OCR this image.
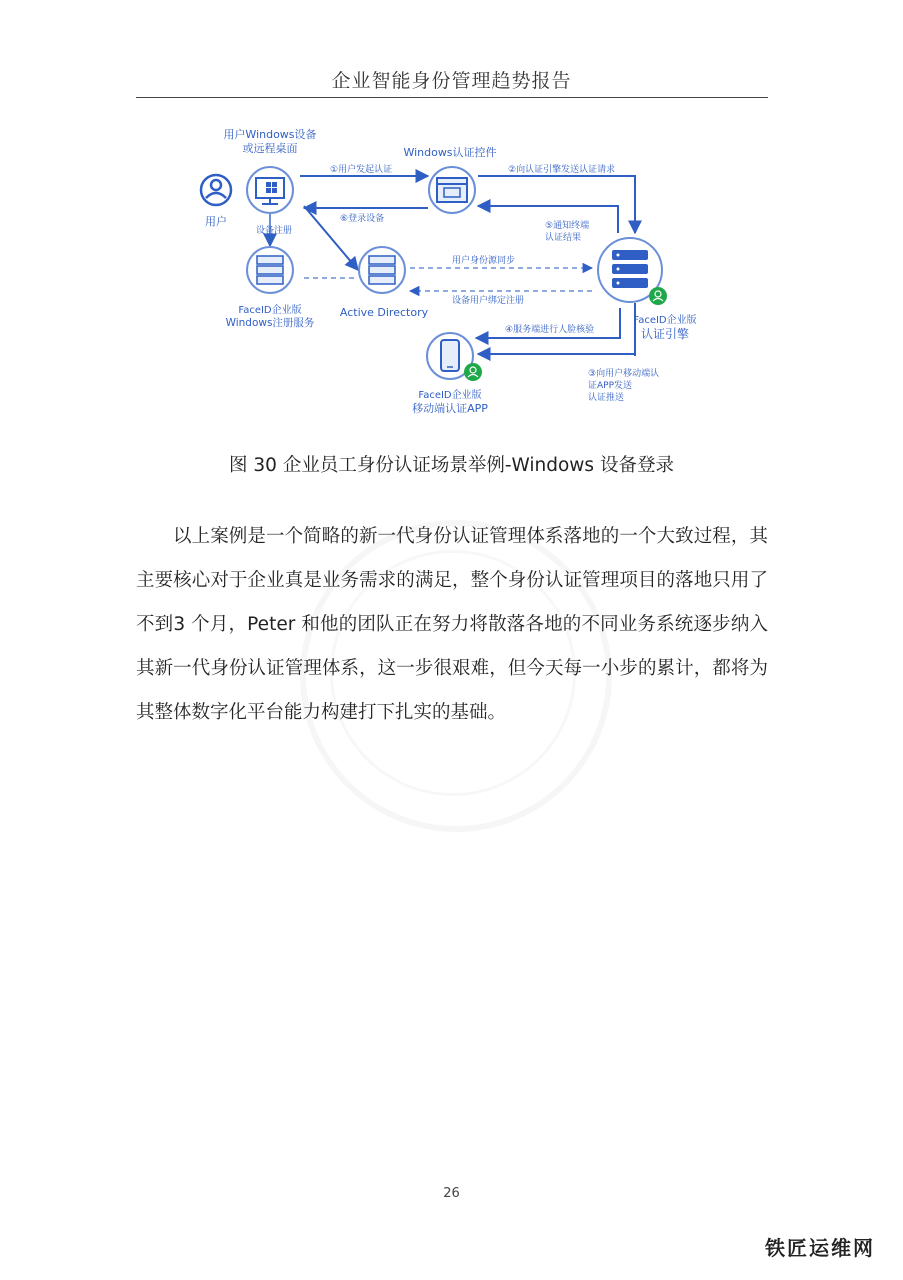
企业智能身份管理趋势报告
用户
用户Windows设备
或远程桌面	Windows认证控件
FaceID企业版
Windows注册服务
Active Directory
FaceID企业版
认证引擎
FaceID企业版
移动端认证APP
①用户发起认证	②向认证引擎发送认证请求
⑥登录设备
设备注册	⑤通知终端
认证结果
用户身份源同步
设备用户绑定注册
④服务端进行人脸核验
③向用户移动端认
证APP发送
认证推送
图 30 企业员工身份认证场景举例-Windows 设备登录

以上案例是一个简略的新一代身份认证管理体系落地的一个大致过程，其主要核心对于企业真是业务需求的满足，整个身份认证管理项目的落地只用了不到3 个月，Peter 和他的团队正在努力将散落各地的不同业务系统逐步纳入其新一代身份认证管理体系，这一步很艰难，但今天每一小步的累计，都将为其整体数字化平台能力构建打下扎实的基础。

26
铁匠运维网
